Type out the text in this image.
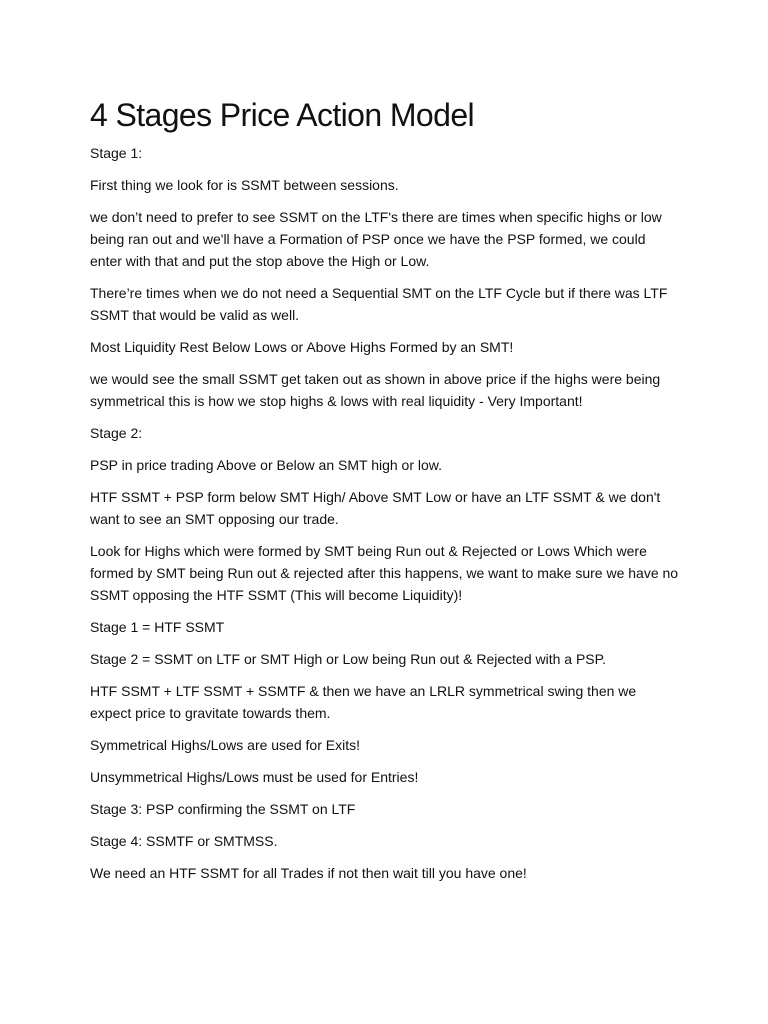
4 Stages Price Action Model

Stage 1:

First thing we look for is SSMT between sessions.

we don’t need to prefer to see SSMT on the LTF's there are times when specific highs or low being ran out and we'll have a Formation of PSP once we have the PSP formed, we could enter with that and put the stop above the High or Low.

There’re times when we do not need a Sequential SMT on the LTF Cycle but if there was LTF SSMT that would be valid as well.

Most Liquidity Rest Below Lows or Above Highs Formed by an SMT!

we would see the small SSMT get taken out as shown in above price if the highs were being symmetrical this is how we stop highs & lows with real liquidity - Very Important!

Stage 2:

PSP in price trading Above or Below an SMT high or low.

HTF SSMT + PSP form below SMT High/ Above SMT Low or have an LTF SSMT & we don't want to see an SMT opposing our trade.

Look for Highs which were formed by SMT being Run out & Rejected or Lows Which were formed by SMT being Run out & rejected after this happens, we want to make sure we have no SSMT opposing the HTF SSMT (This will become Liquidity)!

Stage 1 = HTF SSMT

Stage 2 = SSMT on LTF or SMT High or Low being Run out & Rejected with a PSP.

HTF SSMT + LTF SSMT + SSMTF & then we have an LRLR symmetrical swing then we expect price to gravitate towards them.

Symmetrical Highs/Lows are used for Exits!

Unsymmetrical Highs/Lows must be used for Entries!

Stage 3: PSP confirming the SSMT on LTF

Stage 4: SSMTF or SMTMSS.

We need an HTF SSMT for all Trades if not then wait till you have one!
